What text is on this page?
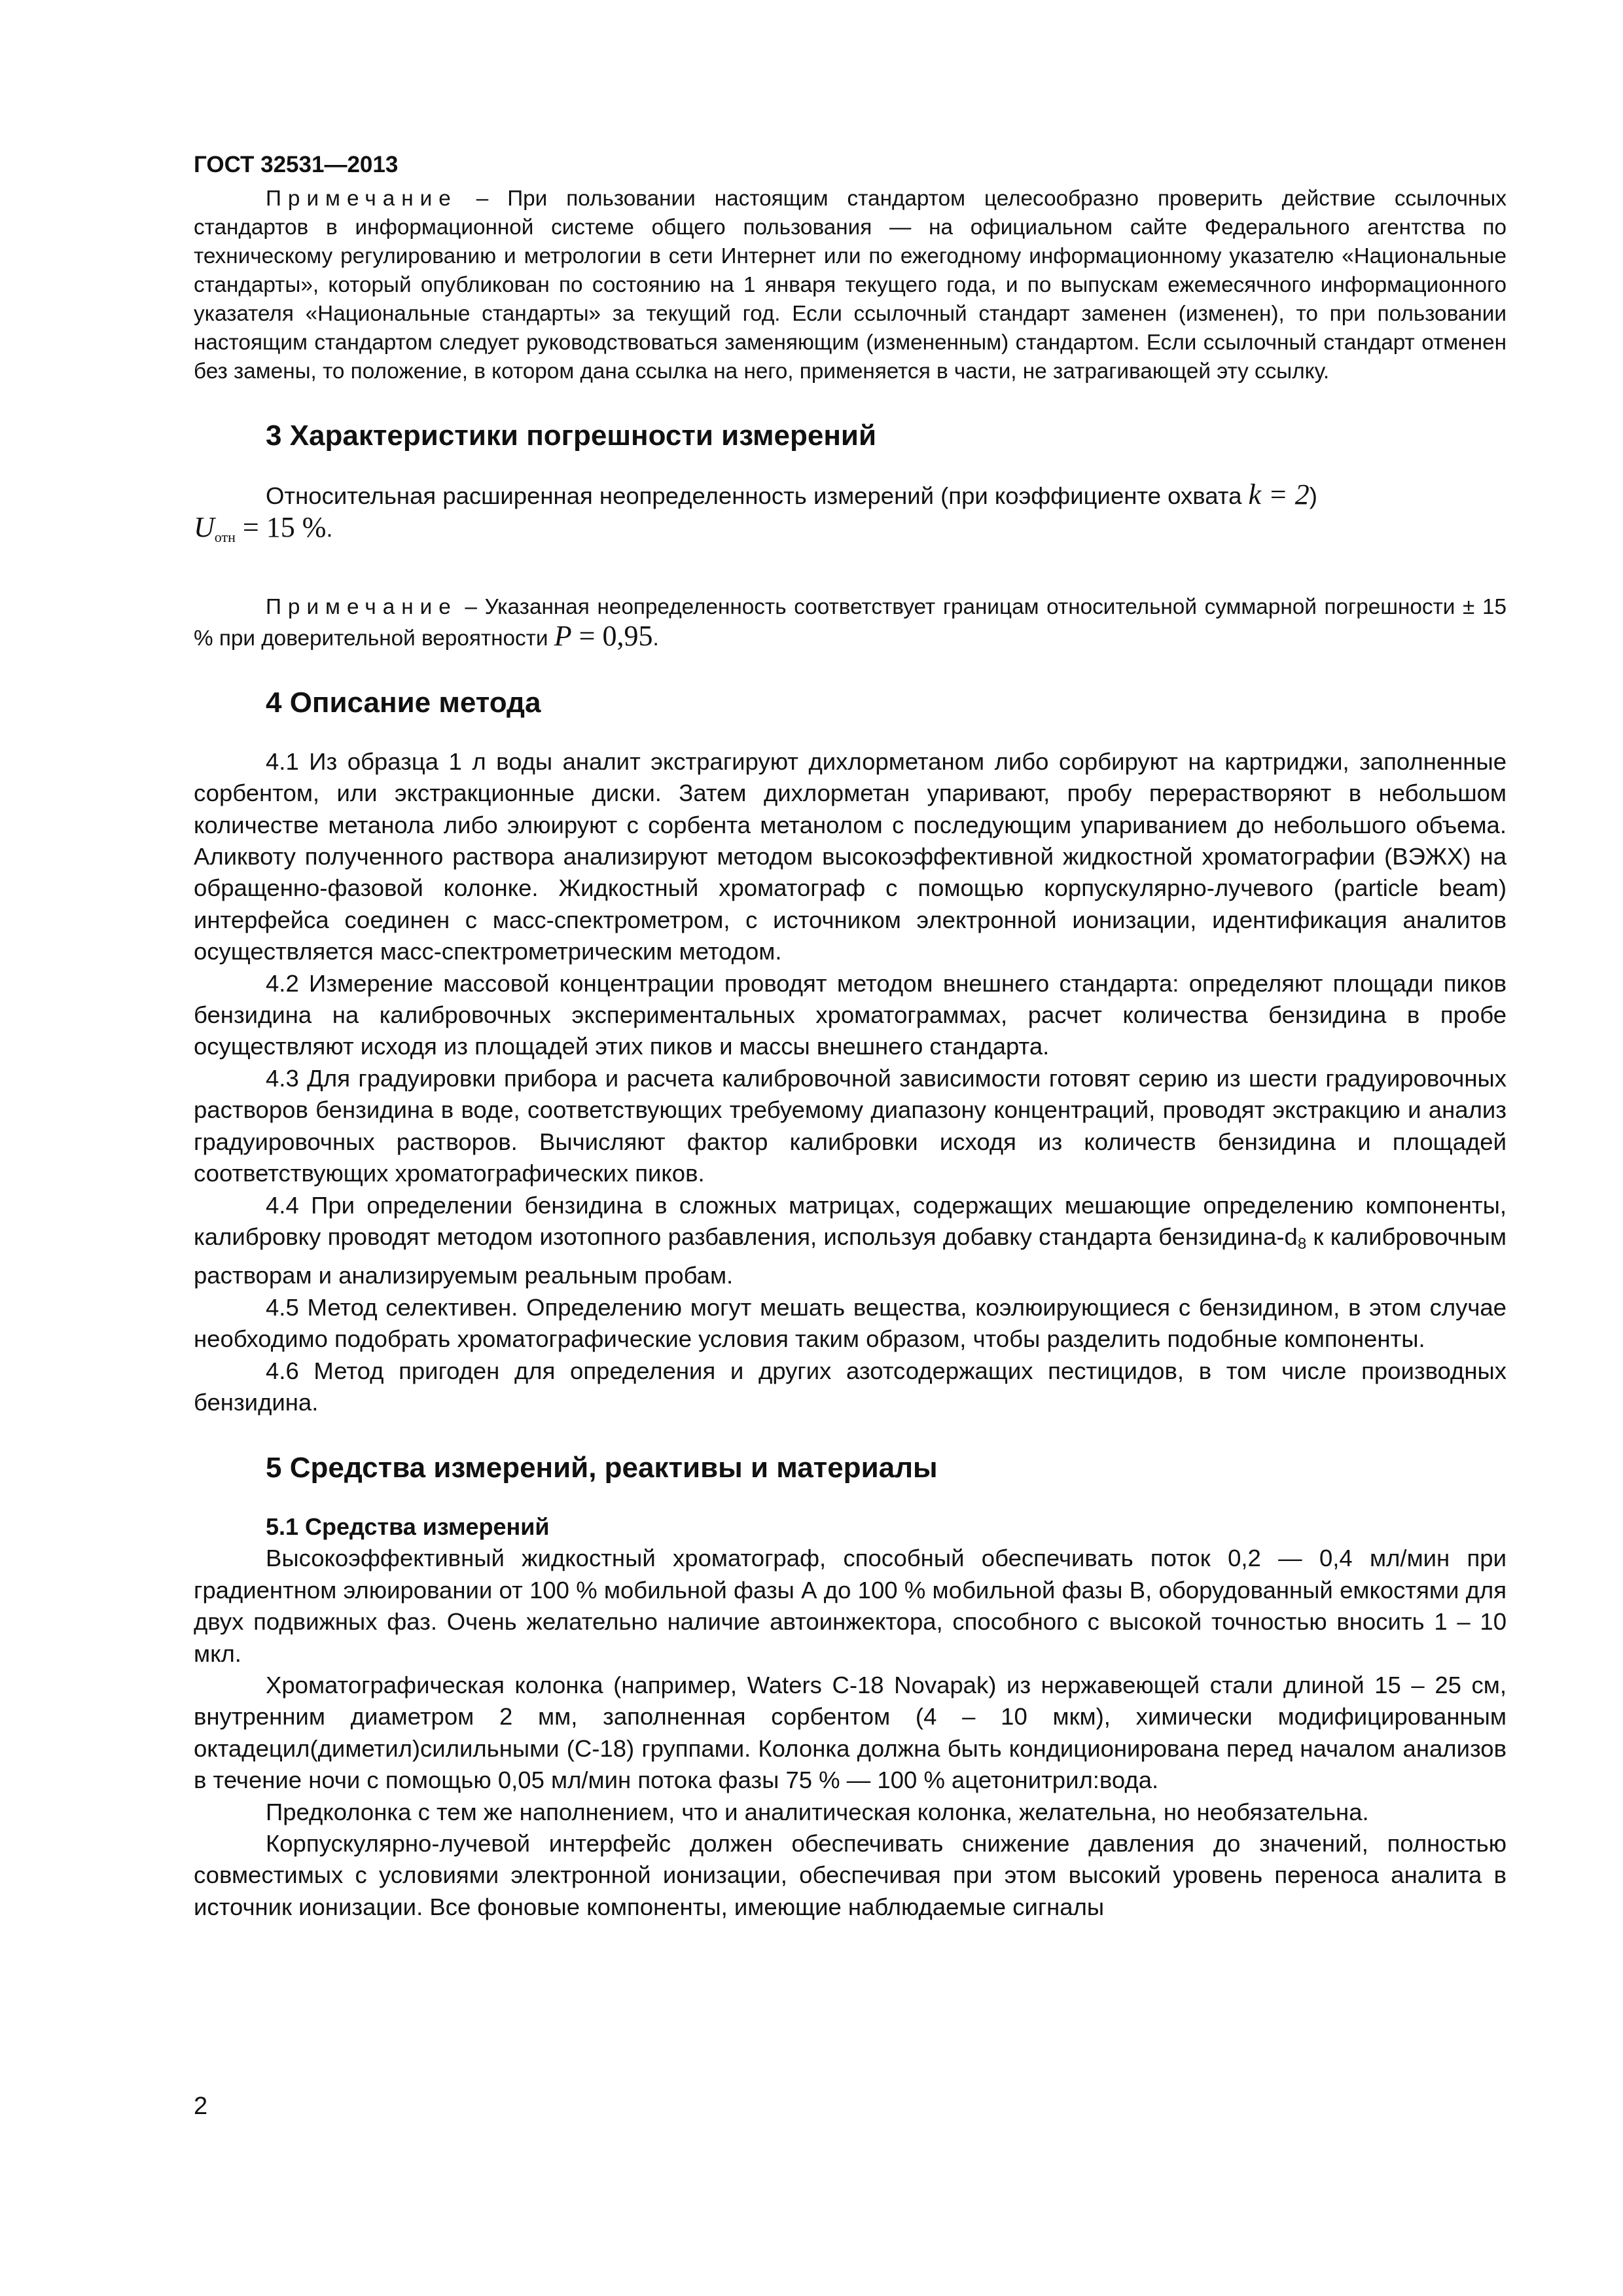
ГОСТ 32531—2013

Примечание – При пользовании настоящим стандартом целесообразно проверить действие ссылочных стандартов в информационной системе общего пользования — на официальном сайте Федерального агентства по техническому регулированию и метрологии в сети Интернет или по ежегодному информационному указателю «Национальные стандарты», который опубликован по состоянию на 1 января текущего года, и по выпускам ежемесячного информационного указателя «Национальные стандарты» за текущий год. Если ссылочный стандарт заменен (изменен), то при пользовании настоящим стандартом следует руководствоваться заменяющим (измененным) стандартом. Если ссылочный стандарт отменен без замены, то положение, в котором дана ссылка на него, применяется в части, не затрагивающей эту ссылку.

3 Характеристики погрешности измерений

Относительная расширенная неопределенность измерений (при коэффициенте охвата k = 2)
$U_{отн} = 15$ %.

Примечание – Указанная неопределенность соответствует границам относительной суммарной погрешности ± 15 % при доверительной вероятности P = 0,95.

4 Описание метода

4.1 Из образца 1 л воды аналит экстрагируют дихлорметаном либо сорбируют на картриджи, заполненные сорбентом, или экстракционные диски. Затем дихлорметан упаривают, пробу перерастворяют в небольшом количестве метанола либо элюируют с сорбента метанолом с последующим упариванием до небольшого объема. Аликвоту полученного раствора анализируют методом высокоэффективной жидкостной хроматографии (ВЭЖХ) на обращенно-фазовой колонке. Жидкостный хроматограф с помощью корпускулярно-лучевого (particle beam) интерфейса соединен с масс-спектрометром, с источником электронной ионизации, идентификация аналитов осуществляется масс-спектрометрическим методом.

4.2 Измерение массовой концентрации проводят методом внешнего стандарта: определяют площади пиков бензидина на калибровочных экспериментальных хроматограммах, расчет количества бензидина в пробе осуществляют исходя из площадей этих пиков и массы внешнего стандарта.

4.3 Для градуировки прибора и расчета калибровочной зависимости готовят серию из шести градуировочных растворов бензидина в воде, соответствующих требуемому диапазону концентраций, проводят экстракцию и анализ градуировочных растворов. Вычисляют фактор калибровки исходя из количеств бензидина и площадей соответствующих хроматографических пиков.

4.4 При определении бензидина в сложных матрицах, содержащих мешающие определению компоненты, калибровку проводят методом изотопного разбавления, используя добавку стандарта бензидина-d8 к калибровочным растворам и анализируемым реальным пробам.

4.5 Метод селективен. Определению могут мешать вещества, коэлюирующиеся с бензидином, в этом случае необходимо подобрать хроматографические условия таким образом, чтобы разделить подобные компоненты.

4.6 Метод пригоден для определения и других азотсодержащих пестицидов, в том числе производных бензидина.

5 Средства измерений, реактивы и материалы
5.1 Средства измерений

Высокоэффективный жидкостный хроматограф, способный обеспечивать поток 0,2 — 0,4 мл/мин при градиентном элюировании от 100 % мобильной фазы А до 100 % мобильной фазы В, оборудованный емкостями для двух подвижных фаз. Очень желательно наличие автоинжектора, способного с высокой точностью вносить 1 – 10 мкл.

Хроматографическая колонка (например, Waters C-18 Novapak) из нержавеющей стали длиной 15 – 25 см, внутренним диаметром 2 мм, заполненная сорбентом (4 – 10 мкм), химически модифицированным октадецил(диметил)силильными (С-18) группами. Колонка должна быть кондиционирована перед началом анализов в течение ночи с помощью 0,05 мл/мин потока фазы 75 % — 100 % ацетонитрил:вода.

Предколонка с тем же наполнением, что и аналитическая колонка, желательна, но необязательна.

Корпускулярно-лучевой интерфейс должен обеспечивать снижение давления до значений, полностью совместимых с условиями электронной ионизации, обеспечивая при этом высокий уровень переноса аналита в источник ионизации. Все фоновые компоненты, имеющие наблюдаемые сигналы

2
